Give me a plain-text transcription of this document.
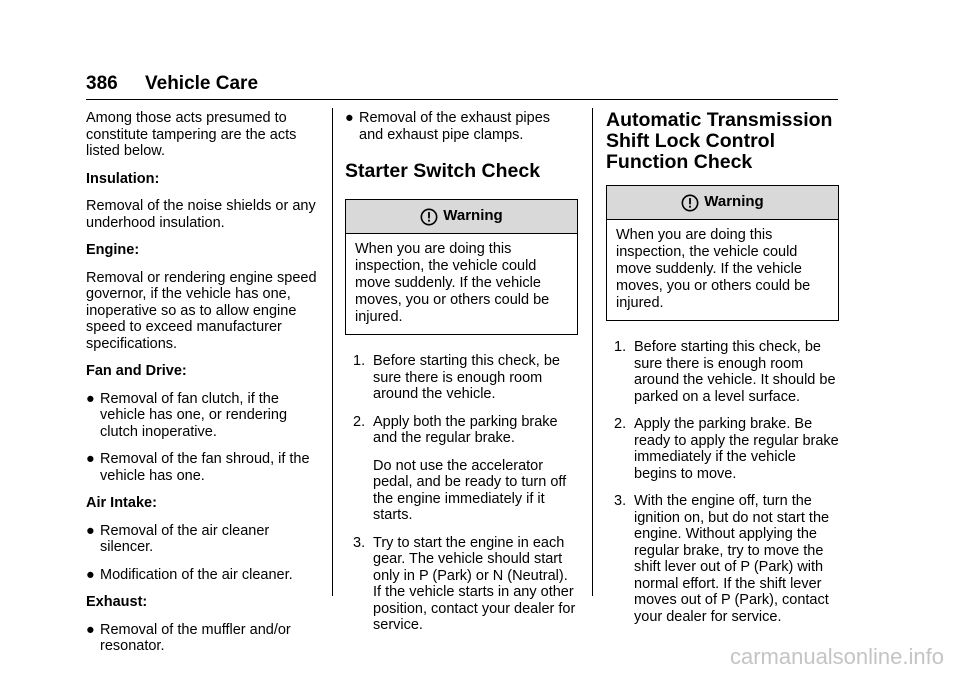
386 Vehicle Care

Among those acts presumed to constitute tampering are the acts listed below.

Insulation:

Removal of the noise shields or any underhood insulation.

Engine:

Removal or rendering engine speed governor, if the vehicle has one, inoperative so as to allow engine speed to exceed manufacturer specifications.

Fan and Drive:

● Removal of fan clutch, if the vehicle has one, or rendering clutch inoperative.
● Removal of the fan shroud, if the vehicle has one.

Air Intake:

● Removal of the air cleaner silencer.
● Modification of the air cleaner.

Exhaust:

● Removal of the muffler and/or resonator.
● Removal of the exhaust pipes and exhaust pipe clamps.
Starter Switch Check
Warning
When you are doing this inspection, the vehicle could move suddenly. If the vehicle moves, you or others could be injured.
1. Before starting this check, be sure there is enough room around the vehicle.
2. Apply both the parking brake and the regular brake.
Do not use the accelerator pedal, and be ready to turn off the engine immediately if it starts.
3. Try to start the engine in each gear. The vehicle should start only in P (Park) or N (Neutral). If the vehicle starts in any other position, contact your dealer for service.
Automatic Transmission
Shift Lock Control
Function Check
Warning
When you are doing this inspection, the vehicle could move suddenly. If the vehicle moves, you or others could be injured.
1. Before starting this check, be sure there is enough room around the vehicle. It should be parked on a level surface.
2. Apply the parking brake. Be ready to apply the regular brake immediately if the vehicle begins to move.
3. With the engine off, turn the ignition on, but do not start the engine. Without applying the regular brake, try to move the shift lever out of P (Park) with normal effort. If the shift lever moves out of P (Park), contact your dealer for service.
carmanualsonline.info
